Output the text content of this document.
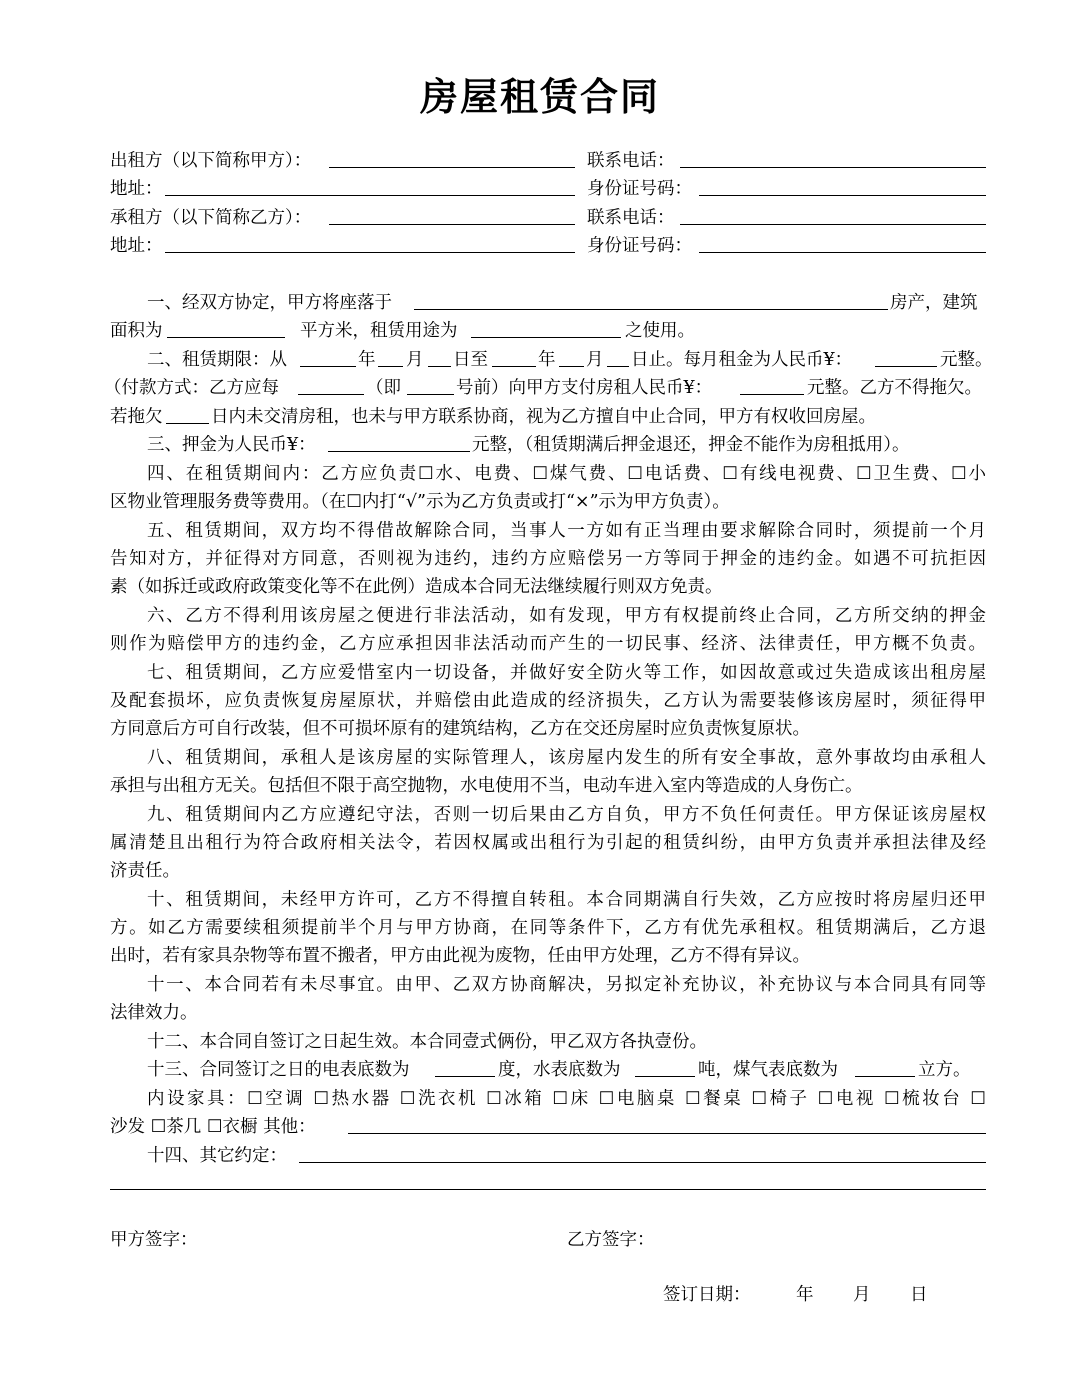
房屋租赁合同
出租方（以下简称甲方）：	联系电话：
地址：	身份证号码：
承租方（以下简称乙方）：	联系电话：
地址：	身份证号码：
一、经双方协定，甲方将座落于	房产，建筑
面积为	平方米，租赁用途为	之使用。
二、租赁期限：从	年 月 日至	年 月 日止。每月租金为人民币¥：	元整。
（付款方式：乙方应每	（即	号前）向甲方支付房租人民币¥：	元整。乙方不得拖欠。
若拖欠	日内未交清房租，也未与甲方联系协商，视为乙方擅自中止合同，甲方有权收回房屋。
三、押金为人民币¥：	元整，（租赁期满后押金退还，押金不能作为房租抵用）。
四、在租赁期间内：乙方应负责☐水、电费、☐煤气费、☐电话费、☐有线电视费、☐卫生费、☐小
区物业管理服务费等费用。（在☐内打“√”示为乙方负责或打“×”示为甲方负责）。
五、租赁期间，双方均不得借故解除合同，当事人一方如有正当理由要求解除合同时，须提前一个月
告知对方，并征得对方同意，否则视为违约，违约方应赔偿另一方等同于押金的违约金。如遇不可抗拒因
素（如拆迁或政府政策变化等不在此例）造成本合同无法继续履行则双方免责。
六、乙方不得利用该房屋之便进行非法活动，如有发现，甲方有权提前终止合同，乙方所交纳的押金
则作为赔偿甲方的违约金，乙方应承担因非法活动而产生的一切民事、经济、法律责任，甲方概不负责。
七、租赁期间，乙方应爱惜室内一切设备，并做好安全防火等工作，如因故意或过失造成该出租房屋
及配套损坏，应负责恢复房屋原状，并赔偿由此造成的经济损失，乙方认为需要装修该房屋时，须征得甲
方同意后方可自行改装，但不可损坏原有的建筑结构，乙方在交还房屋时应负责恢复原状。
八、租赁期间，承租人是该房屋的实际管理人，该房屋内发生的所有安全事故，意外事故均由承租人
承担与出租方无关。包括但不限于高空抛物，水电使用不当，电动车进入室内等造成的人身伤亡。
九、租赁期间内乙方应遵纪守法，否则一切后果由乙方自负，甲方不负任何责任。甲方保证该房屋权
属清楚且出租行为符合政府相关法令，若因权属或出租行为引起的租赁纠纷，由甲方负责并承担法律及经
济责任。
十、租赁期间，未经甲方许可，乙方不得擅自转租。本合同期满自行失效，乙方应按时将房屋归还甲
方。如乙方需要续租须提前半个月与甲方协商，在同等条件下，乙方有优先承租权。租赁期满后，乙方退
出时，若有家具杂物等布置不搬者，甲方由此视为废物，任由甲方处理，乙方不得有异议。
十一、本合同若有未尽事宜。由甲、乙双方协商解决，另拟定补充协议，补充协议与本合同具有同等
法律效力。
十二、本合同自签订之日起生效。本合同壹式俩份，甲乙双方各执壹份。
十三、合同签订之日的电表底数为	度，水表底数为	吨，煤气表底数为	立方。
内设家具：☐空调 ☐热水器 ☐洗衣机 ☐冰箱 ☐床 ☐电脑桌 ☐餐桌 ☐椅子 ☐电视 ☐梳妆台 ☐
沙发 ☐茶几 ☐衣橱 其他：
十四、其它约定：
甲方签字：	乙方签字：
签订日期：	年 月 日
